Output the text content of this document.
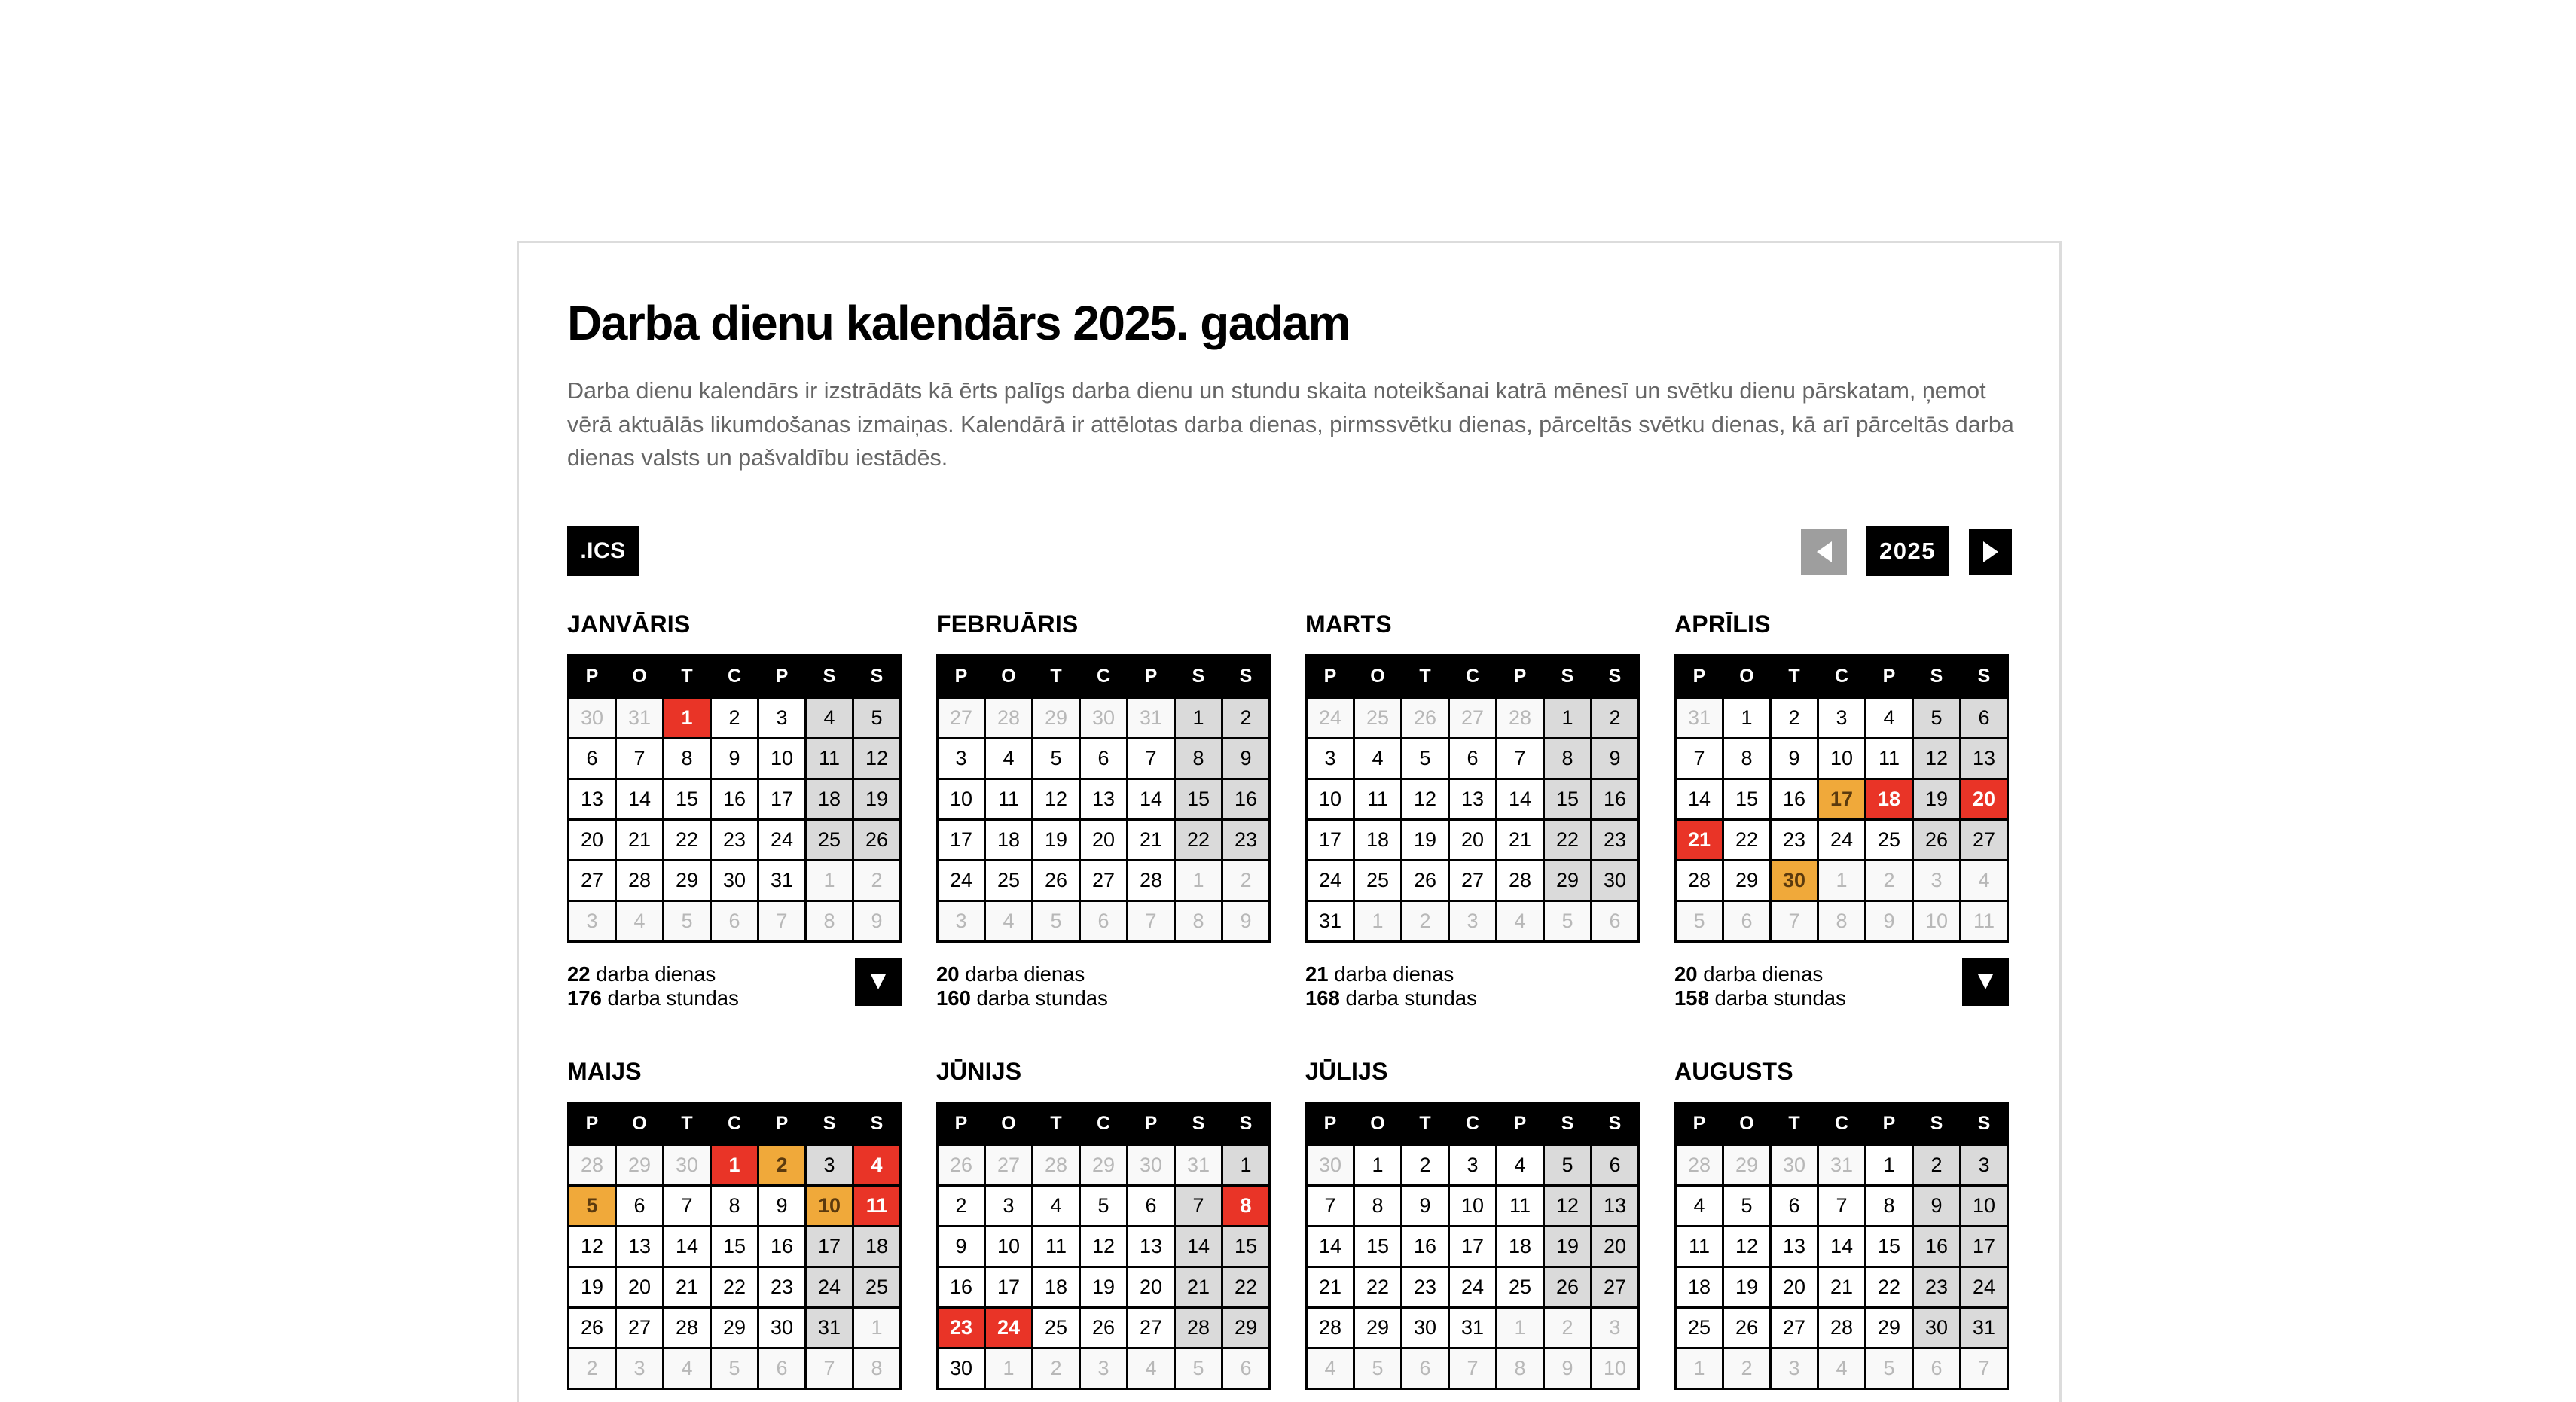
Darba dienu kalendārs 2025. gadam

Darba dienu kalendārs ir izstrādāts kā ērts palīgs darba dienu un stundu skaita noteikšanai katrā mēnesī un svētku dienu pārskatam, ņemot vērā aktuālās likumdošanas izmaiņas. Kalendārā ir attēlotas darba dienas, pirmssvētku dienas, pārceltās svētku dienas, kā arī pārceltās darba dienas valsts un pašvaldību iestādēs.

.ICS	2025
JANVĀRIS
P	O	T	C	P	S	S
30	31	1	2	3	4	5
6	7	8	9	10	11	12
13	14	15	16	17	18	19
20	21	22	23	24	25	26
27	28	29	30	31	1	2
3	4	5	6	7	8	9
22 darba dienas
176 darba stundas
FEBRUĀRIS
P	O	T	C	P	S	S
27	28	29	30	31	1	2
3	4	5	6	7	8	9
10	11	12	13	14	15	16
17	18	19	20	21	22	23
24	25	26	27	28	1	2
3	4	5	6	7	8	9
20 darba dienas
160 darba stundas
MARTS
P	O	T	C	P	S	S
24	25	26	27	28	1	2
3	4	5	6	7	8	9
10	11	12	13	14	15	16
17	18	19	20	21	22	23
24	25	26	27	28	29	30
31	1	2	3	4	5	6
21 darba dienas
168 darba stundas
APRĪLIS
P	O	T	C	P	S	S
31	1	2	3	4	5	6
7	8	9	10	11	12	13
14	15	16	17	18	19	20
21	22	23	24	25	26	27
28	29	30	1	2	3	4
5	6	7	8	9	10	11
20 darba dienas
158 darba stundas
MAIJS
P	O	T	C	P	S	S
28	29	30	1	2	3	4
5	6	7	8	9	10	11
12	13	14	15	16	17	18
19	20	21	22	23	24	25
26	27	28	29	30	31	1
2	3	4	5	6	7	8
JŪNIJS
P	O	T	C	P	S	S
26	27	28	29	30	31	1
2	3	4	5	6	7	8
9	10	11	12	13	14	15
16	17	18	19	20	21	22
23	24	25	26	27	28	29
30	1	2	3	4	5	6
JŪLIJS
P	O	T	C	P	S	S
30	1	2	3	4	5	6
7	8	9	10	11	12	13
14	15	16	17	18	19	20
21	22	23	24	25	26	27
28	29	30	31	1	2	3
4	5	6	7	8	9	10
AUGUSTS
P	O	T	C	P	S	S
28	29	30	31	1	2	3
4	5	6	7	8	9	10
11	12	13	14	15	16	17
18	19	20	21	22	23	24
25	26	27	28	29	30	31
1	2	3	4	5	6	7
